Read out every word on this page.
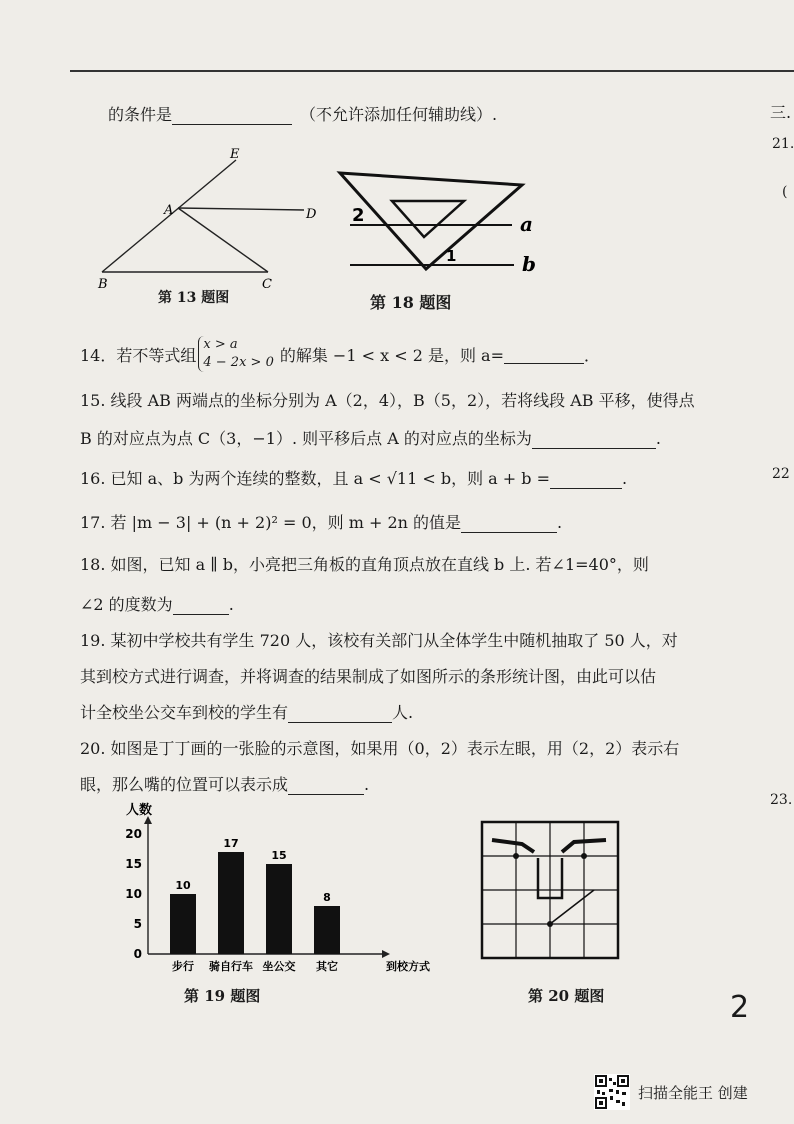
三.
21.
(
22
23.
的条件是	（不允许添加任何辅助线）.
E
A	D
B	C
第 13 题图
2
1
a
b
第 18 题图
14．若不等式组
x > a
4 − 2x > 0 的解集 −1 < x < 2 是，则 a=
	．
15. 线段 AB 两端点的坐标分别为 A（2，4），B（5，2），若将线段 AB 平移，使得点
B 的对应点为点 C（3，−1）. 则平移后点 A 的对应点的坐标为	.
16. 已知 a、b 为两个连续的整数，且 a < √11 < b，则 a + b =	.
17. 若 |m − 3| + (n + 2)² = 0，则 m + 2n 的值是	.
18. 如图，已知 a ∥ b，小亮把三角板的直角顶点放在直线 b 上. 若∠1=40°，则
∠2 的度数为	.
19. 某初中学校共有学生 720 人，该校有关部门从全体学生中随机抽取了 50 人，对
其到校方式进行调查，并将调查的结果制成了如图所示的条形统计图，由此可以估
计全校坐公交车到校的学生有	人.
20. 如图是丁丁画的一张脸的示意图，如果用（0，2）表示左眼，用（2，2）表示右
眼，那么嘴的位置可以表示成	.
人数
到校方式
0
5
10
15
20
10
步行
17
骑自行车
15
坐公交
8
其它
第 19 题图	第 20 题图	2
扫描全能王 创建
